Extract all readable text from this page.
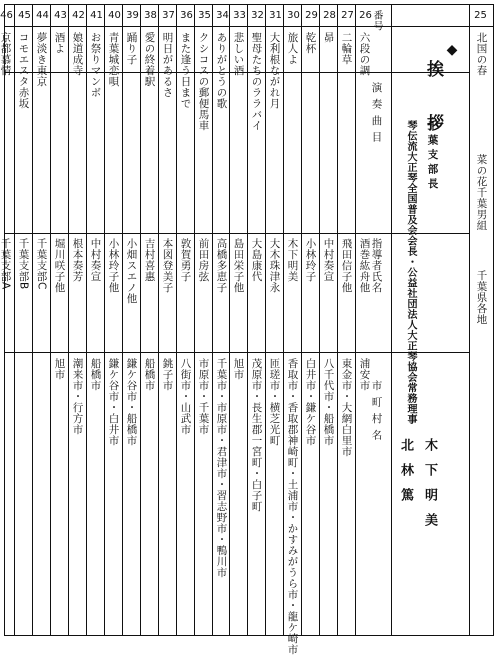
25
北国の春
菜の花千葉男組
千葉県各地
番号
演奏曲目
指導者氏名
市町村名
◆
挨　拶
千葉支部長
木下明美
琴伝流大正琴全国普及会会長・公益社団法人大正琴協会常務理事
北林篤
26
六段の調
酒巻紘舟他
浦安市
27
二輪草
飛田信子他
東金市・大網白里市
28
昴
中村奏宣
八千代市・船橋市
29
乾杯
小林玲子
白井市・鎌ケ谷市
30
旅人よ
木下明美
香取市・香取郡神崎町・土浦市・かすみがうら市・龍ケ崎市
31
大利根ながれ月
大木珠津永
匝瑳市・横芝光町
32
聖母たちのララバイ
大島康代
茂原市・長生郡一宮町・白子町
33
悲しい酒
島田栄子他
旭市
34
ありがとうの歌
高橋多恵子
千葉市・市原市・君津市・習志野市・鴨川市
35
クシコスの郵便馬車
前田房弦
市原市・千葉市
36
また逢う日まで
敦賀勇子
八街市・山武市
37
明日があるさ
本図登美子
銚子市
38
愛の終着駅
吉村喜惠
船橋市
39
踊り子
小畑スエノ他
鎌ケ谷市・船橋市
40
青葉城恋唄
小林玲子他
鎌ケ谷市・白井市
41
お祭りマンボ
中村奏宣
船橋市
42
娘道成寺
根本奏芳
潮来市・行方市
43
酒よ
堀川咲子他
旭市
44
夢淡き東京
千葉支部C
45
コモエスタ赤坂
千葉支部B
46
京都慕情
千葉支部A
